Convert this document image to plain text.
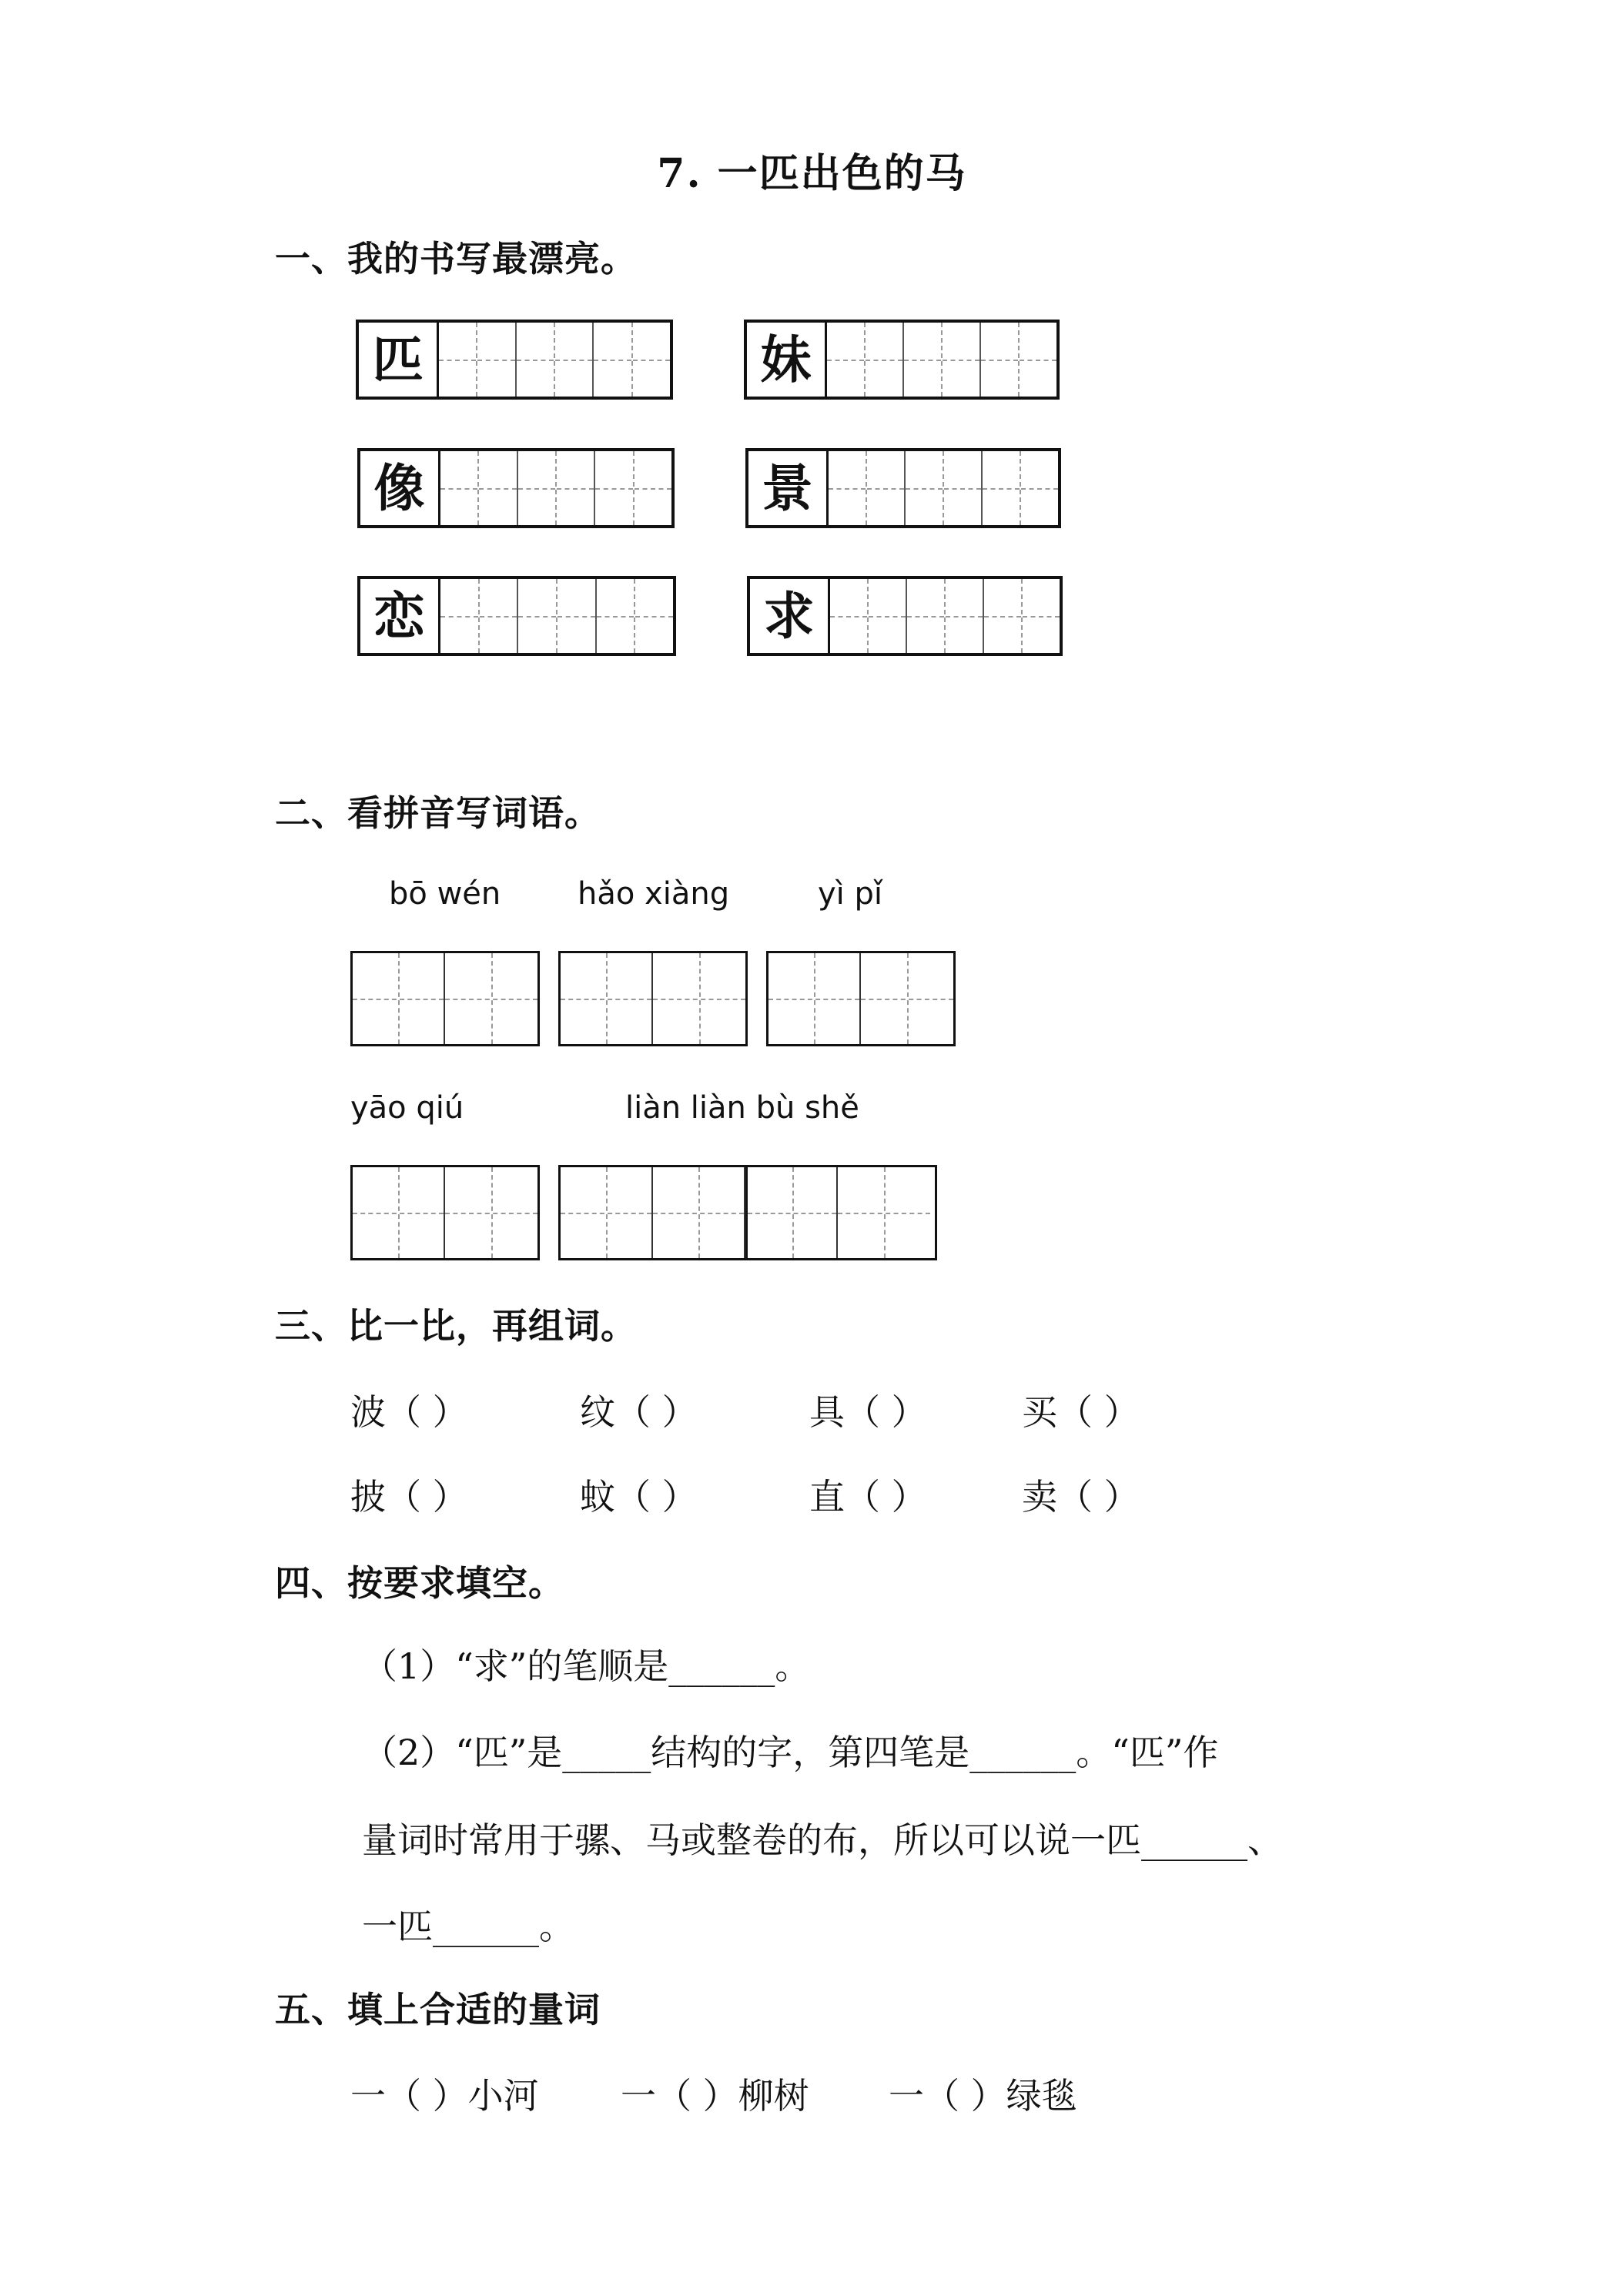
7. 一匹出色的马
一、我的书写最漂亮。
匹	妹
像	景
恋	求
二、看拼音写词语。
bō wén hǎo xiàng	yì pǐ
yāo qiú	liàn liàn bù shě
三、比一比，再组词。
波（ ）	纹（ ）	具（ ）	买（ ）
披（ ）	蚊（ ）	直（ ）	卖（ ）
四、按要求填空。
（1）“求”的笔顺是______。
（2）“匹”是_____结构的字，第四笔是______。“匹”作
量词时常用于骡、马或整卷的布，所以可以说一匹______、
一匹______。
五、填上合适的量词
一（ ）小河 一（ ）柳树 一（ ）绿毯
